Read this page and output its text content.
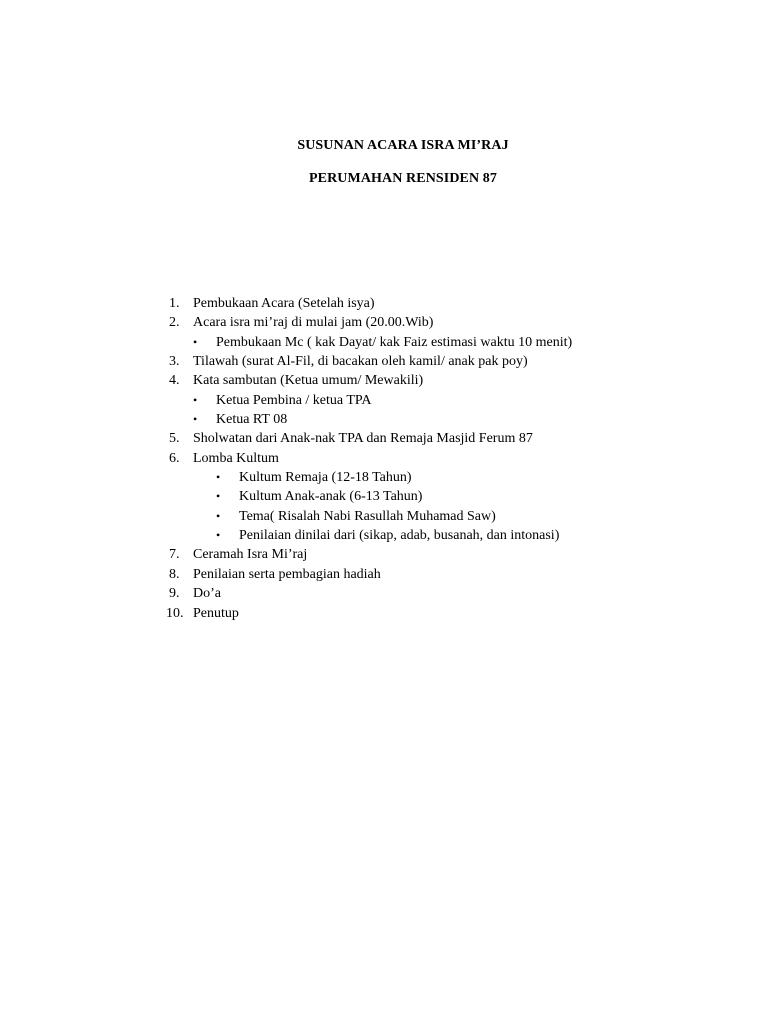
SUSUNAN ACARA ISRA MI’RAJ
PERUMAHAN RENSIDEN 87
1. Pembukaan Acara (Setelah isya)
2. Acara isra mi’raj di mulai jam (20.00.Wib)
• Pembukaan Mc ( kak Dayat/ kak Faiz estimasi waktu 10 menit)
3. Tilawah (surat Al-Fil, di bacakan oleh kamil/ anak pak poy)
4. Kata sambutan (Ketua umum/ Mewakili)
• Ketua Pembina / ketua TPA
• Ketua RT 08
5. Sholwatan dari Anak-nak TPA dan Remaja Masjid Ferum 87
6. Lomba Kultum
• Kultum Remaja (12-18 Tahun)
• Kultum Anak-anak (6-13 Tahun)
• Tema( Risalah Nabi Rasullah Muhamad Saw)
• Penilaian dinilai dari (sikap, adab, busanah, dan intonasi)
7. Ceramah Isra Mi’raj
8. Penilaian serta pembagian hadiah
9. Do’a
10. Penutup
